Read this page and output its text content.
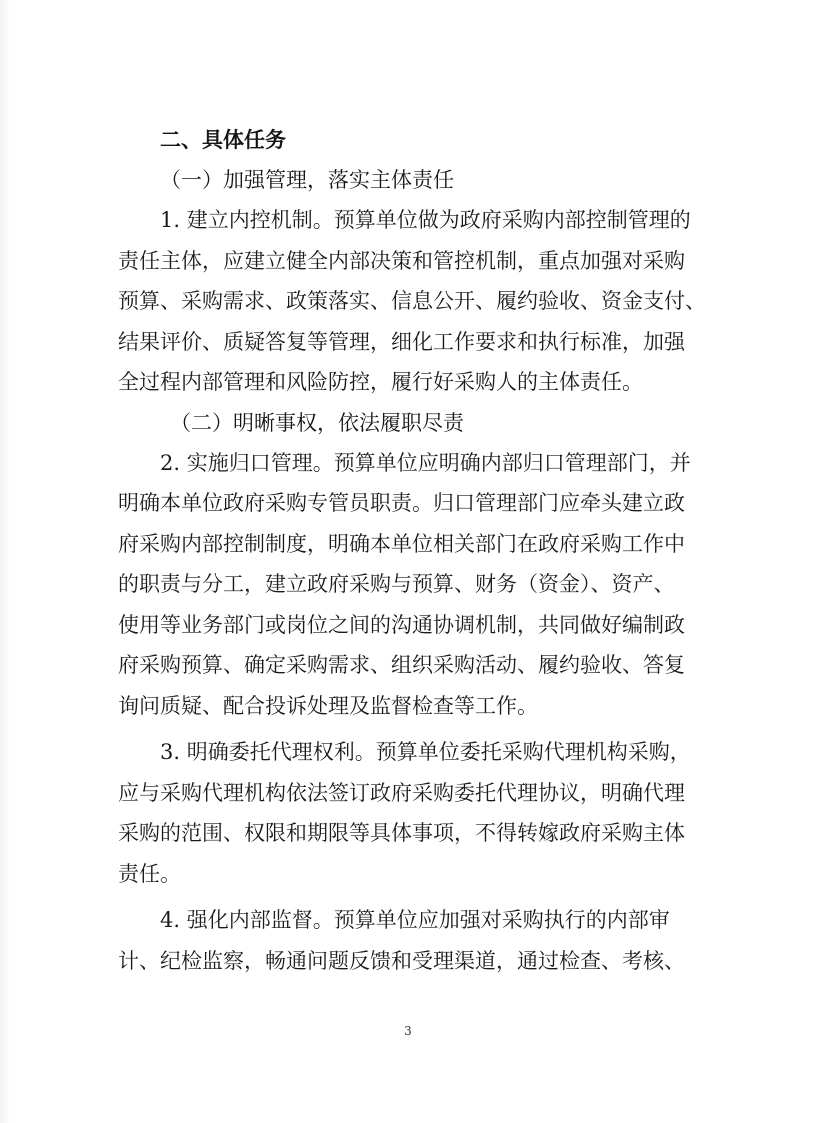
二、具体任务
（一）加强管理，落实主体责任
1. 建立内控机制。预算单位做为政府采购内部控制管理的
责任主体，应建立健全内部决策和管控机制，重点加强对采购
预算、采购需求、政策落实、信息公开、履约验收、资金支付、
结果评价、质疑答复等管理，细化工作要求和执行标准，加强
全过程内部管理和风险防控，履行好采购人的主体责任。
（二）明晰事权，依法履职尽责
2. 实施归口管理。预算单位应明确内部归口管理部门，并
明确本单位政府采购专管员职责。归口管理部门应牵头建立政
府采购内部控制制度，明确本单位相关部门在政府采购工作中
的职责与分工，建立政府采购与预算、财务（资金）、资产、
使用等业务部门或岗位之间的沟通协调机制，共同做好编制政
府采购预算、确定采购需求、组织采购活动、履约验收、答复
询问质疑、配合投诉处理及监督检查等工作。
3. 明确委托代理权利。预算单位委托采购代理机构采购，
应与采购代理机构依法签订政府采购委托代理协议，明确代理
采购的范围、权限和期限等具体事项，不得转嫁政府采购主体
责任。
4. 强化内部监督。预算单位应加强对采购执行的内部审
计、纪检监察，畅通问题反馈和受理渠道，通过检查、考核、
3
